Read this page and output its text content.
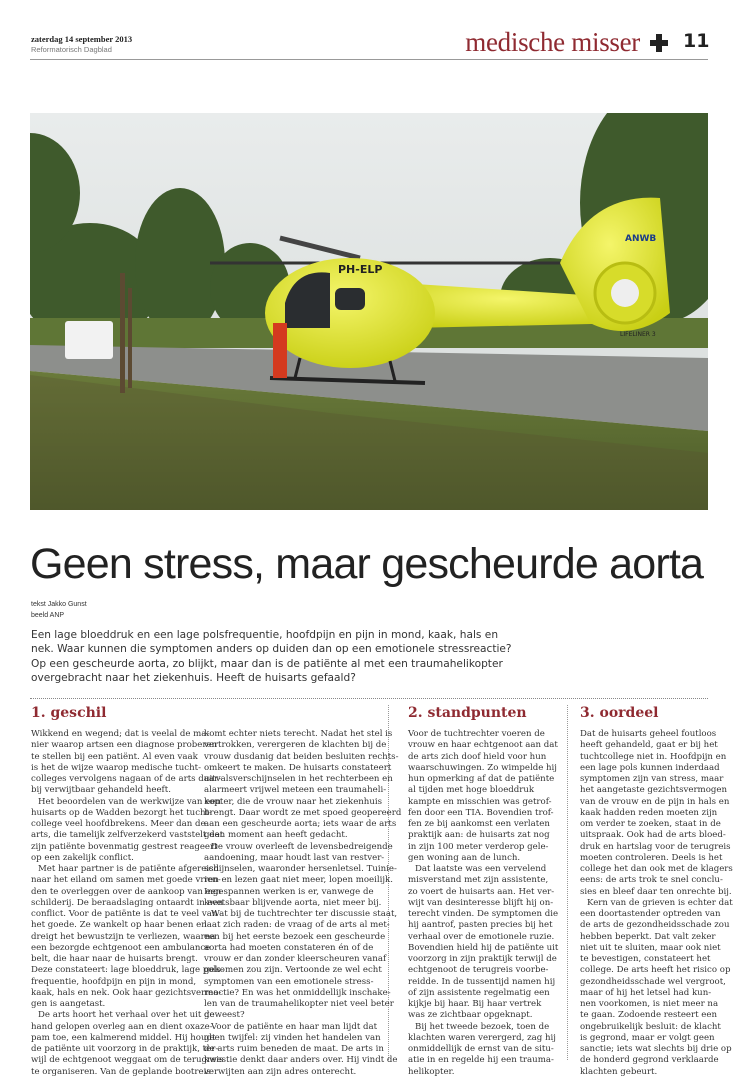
zaterdag 14 september 2013
Reformatorisch Dagblad	medische misser 11
PH-ELP
ANWB
LIFELINER 3
Geen stress, maar gescheurde aorta
tekst Jakko Gunst
beeld ANP
Een lage bloeddruk en een lage polsfrequentie, hoofdpijn en pijn in mond, kaak, hals en
nek. Waar kunnen die symptomen anders op duiden dan op een emotionele stressreactie?
Op een gescheurde aorta, zo blijkt, maar dan is de patiënte al met een traumahelikopter
overgebracht naar het ziekenhuis. Heeft de huisarts gefaald?
1. geschil	2. standpunten	3. oordeel
Wikkend en wegend; dat is veelal de ma-
nier waarop artsen een diagnose proberen
te stellen bij een patiënt. Al even vaak
is het de wijze waarop medische tucht-
colleges vervolgens nagaan of de arts daar-
bij verwijtbaar gehandeld heeft.
Het beoordelen van de werkwijze van een
huisarts op de Wadden bezorgt het tucht-
college veel hoofdbrekens. Meer dan de
arts, die tamelijk zelfverzekerd vaststelt dat
zijn patiënte bovenmatig gestrest reageert
op een zakelijk conflict.
Met haar partner is de patiënte afgereisd
naar het eiland om samen met goede vrien-
den te overleggen over de aankoop van een
schilderij. De beraadslaging ontaardt in een
conflict. Voor de patiënte is dat te veel van
het goede. Ze wankelt op haar benen en
dreigt het bewustzijn te verliezen, waarna
een bezorgde echtgenoot een ambulance
belt, die haar naar de huisarts brengt.
Deze constateert: lage bloeddruk, lage pols-
frequentie, hoofdpijn en pijn in mond,
kaak, hals en nek. Ook haar gezichtsvermo-
gen is aangetast.
De arts hoort het verhaal over het uit de
hand gelopen overleg aan en dient oxaze-
pam toe, een kalmerend middel. Hij houdt
de patiënte uit voorzorg in de praktijk, ter-
wijl de echtgenoot weggaat om de terugreis
te organiseren. Van de geplande bootreis
komt echter niets terecht. Nadat het stel is
vertrokken, verergeren de klachten bij de
vrouw dusdanig dat beiden besluiten rechts-
omkeert te maken. De huisarts constateert
uitvalsverschijnselen in het rechterbeen en
alarmeert vrijwel meteen een traumaheli-
kopter, die de vrouw naar het ziekenhuis
brengt. Daar wordt ze met spoed geopereerd
aan een gescheurde aorta; iets waar de arts
geen moment aan heeft gedacht.
De vrouw overleeft de levensbedreigende
aandoening, maar houdt last van restver-
schijnselen, waaronder hersenletsel. Tuinie-
ren en lezen gaat niet meer, lopen moeilijk.
Ingespannen werken is er, vanwege de
kwetsbaar blijvende aorta, niet meer bij.
Wat bij de tuchtrechter ter discussie staat,
laat zich raden: de vraag of de arts al met-
een bij het eerste bezoek een gescheurde
aorta had moeten constateren én of de
vrouw er dan zonder kleerscheuren vanaf
gekomen zou zijn. Vertoonde ze wel echt
symptomen van een emotionele stress-
reactie? En was het onmiddellijk inschake-
len van de traumahelikopter niet veel beter
geweest?
Voor de patiënte en haar man lijdt dat
geen twijfel: zij vinden het handelen van
de arts ruim beneden de maat. De arts in
kwestie denkt daar anders over. Hij vindt de
verwijten aan zijn adres onterecht.
Voor de tuchtrechter voeren de
vrouw en haar echtgenoot aan dat
de arts zich doof hield voor hun
waarschuwingen. Zo wimpelde hij
hun opmerking af dat de patiënte
al tijden met hoge bloeddruk
kampte en misschien was getrof-
fen door een TIA. Bovendien trof-
fen ze bij aankomst een verlaten
praktijk aan: de huisarts zat nog
in zijn 100 meter verderop gele-
gen woning aan de lunch.
Dat laatste was een vervelend
misverstand met zijn assistente,
zo voert de huisarts aan. Het ver-
wijt van desinteresse blijft hij on-
terecht vinden. De symptomen die
hij aantrof, pasten precies bij het
verhaal over de emotionele ruzie.
Bovendien hield hij de patiënte uit
voorzorg in zijn praktijk terwijl de
echtgenoot de terugreis voorbe-
reidde. In de tussentijd namen hij
of zijn assistente regelmatig een
kijkje bij haar. Bij haar vertrek
was ze zichtbaar opgeknapt.
Bij het tweede bezoek, toen de
klachten waren verergerd, zag hij
onmiddellijk de ernst van de situ-
atie in en regelde hij een trauma-
helikopter.
Dat de huisarts geheel foutloos
heeft gehandeld, gaat er bij het
tuchtcollege niet in. Hoofdpijn en
een lage pols kunnen inderdaad
symptomen zijn van stress, maar
het aangetaste gezichtsvermogen
van de vrouw en de pijn in hals en
kaak hadden reden moeten zijn
om verder te zoeken, staat in de
uitspraak. Ook had de arts bloed-
druk en hartslag voor de terugreis
moeten controleren. Deels is het
college het dan ook met de klagers
eens: de arts trok te snel conclu-
sies en bleef daar ten onrechte bij.
Kern van de grieven is echter dat
een doortastender optreden van
de arts de gezondheidsschade zou
hebben beperkt. Dat valt zeker
niet uit te sluiten, maar ook niet
te bevestigen, constateert het
college. De arts heeft het risico op
gezondheidsschade wel vergroot,
maar of hij het letsel had kun-
nen voorkomen, is niet meer na
te gaan. Zodoende resteert een
ongebruikelijk besluit: de klacht
is gegrond, maar er volgt geen
sanctie; iets wat slechts bij drie op
de honderd gegrond verklaarde
klachten gebeurt.
